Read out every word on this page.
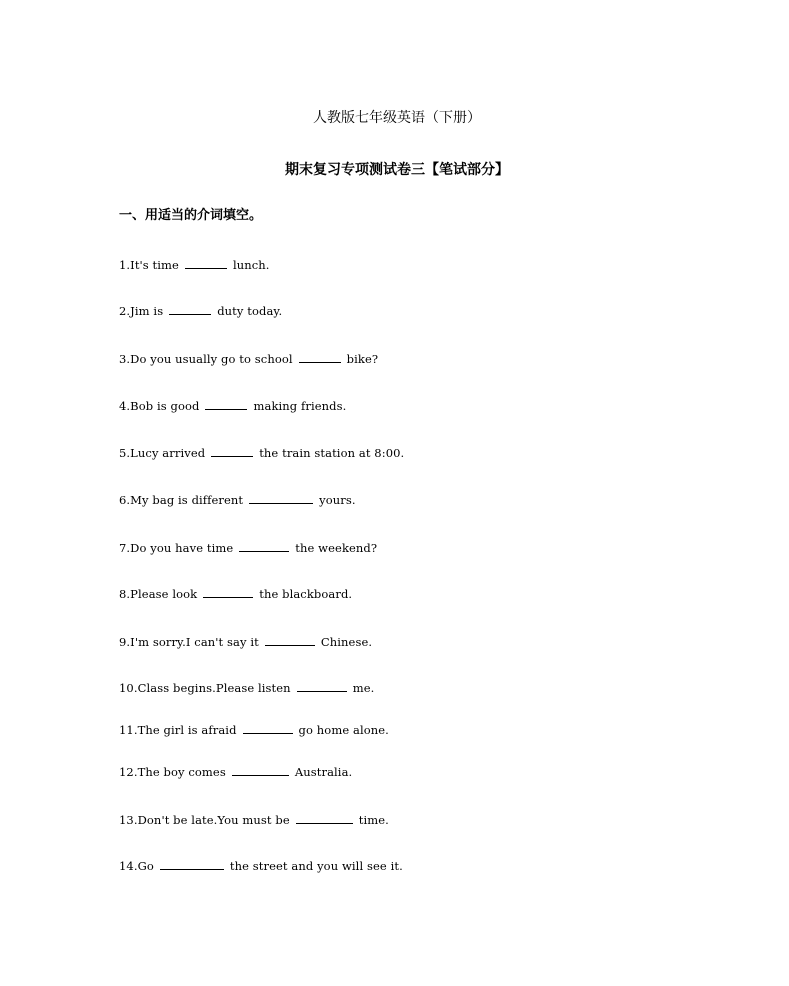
人教版七年级英语（下册）
期末复习专项测试卷三【笔试部分】
一、用适当的介词填空。
1.It's time	lunch.
2.Jim is	duty today.
3.Do you usually go to school	bike?
4.Bob is good	making friends.
5.Lucy arrived	the train station at 8:00.
6.My bag is different	yours.
7.Do you have time	the weekend?
8.Please look	the blackboard.
9.I'm sorry.I can't say it	Chinese.
10.Class begins.Please listen	me.
11.The girl is afraid	go home alone.
12.The boy comes	Australia.
13.Don't be late.You must be	time.
14.Go	the street and you will see it.
